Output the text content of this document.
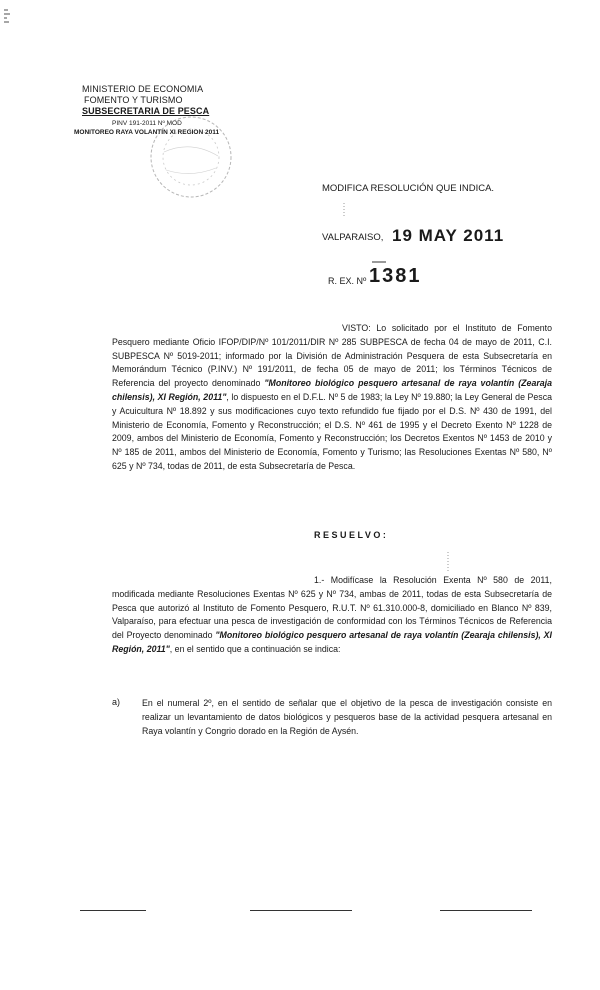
MINISTERIO DE ECONOMIA
FOMENTO Y TURISMO
SUBSECRETARIA DE PESCA
PINV 191-2011 Nº MOD
MONITOREO RAYA VOLANTIN XI REGION 2011
MODIFICA RESOLUCIÓN QUE INDICA.
VALPARAISO, 19 MAY 2011
R. EX. Nº 1381

VISTO: Lo solicitado por el Instituto de Fomento Pesquero mediante Oficio IFOP/DIP/Nº 101/2011/DIR Nº 285 SUBPESCA de fecha 04 de mayo de 2011, C.I. SUBPESCA Nº 5019-2011; informado por la División de Administración Pesquera de esta Subsecretaría en Memorándum Técnico (P.INV.) Nº 191/2011, de fecha 05 de mayo de 2011; los Términos Técnicos de Referencia del proyecto denominado "Monitoreo biológico pesquero artesanal de raya volantín (Zearaja chilensis), XI Región, 2011", lo dispuesto en el D.F.L. Nº 5 de 1983; la Ley Nº 19.880; la Ley General de Pesca y Acuicultura Nº 18.892 y sus modificaciones cuyo texto refundido fue fijado por el D.S. Nº 430 de 1991, del Ministerio de Economía, Fomento y Reconstrucción; el D.S. Nº 461 de 1995 y el Decreto Exento Nº 1228 de 2009, ambos del Ministerio de Economía, Fomento y Reconstrucción; los Decretos Exentos Nº 1453 de 2010 y Nº 185 de 2011, ambos del Ministerio de Economía, Fomento y Turismo; las Resoluciones Exentas Nº 580, Nº 625 y Nº 734, todas de 2011, de esta Subsecretaría de Pesca.

RESUELVO:

1.- Modifícase la Resolución Exenta Nº 580 de 2011, modificada mediante Resoluciones Exentas Nº 625 y Nº 734, ambas de 2011, todas de esta Subsecretaría de Pesca que autorizó al Instituto de Fomento Pesquero, R.U.T. Nº 61.310.000-8, domiciliado en Blanco Nº 839, Valparaíso, para efectuar una pesca de investigación de conformidad con los Términos Técnicos de Referencia del Proyecto denominado "Monitoreo biológico pesquero artesanal de raya volantín (Zearaja chilensis), XI Región, 2011", en el sentido que a continuación se indica:

a) En el numeral 2º, en el sentido de señalar que el objetivo de la pesca de investigación consiste en realizar un levantamiento de datos biológicos y pesqueros base de la actividad pesquera artesanal en Raya volantín y Congrio dorado en la Región de Aysén.
